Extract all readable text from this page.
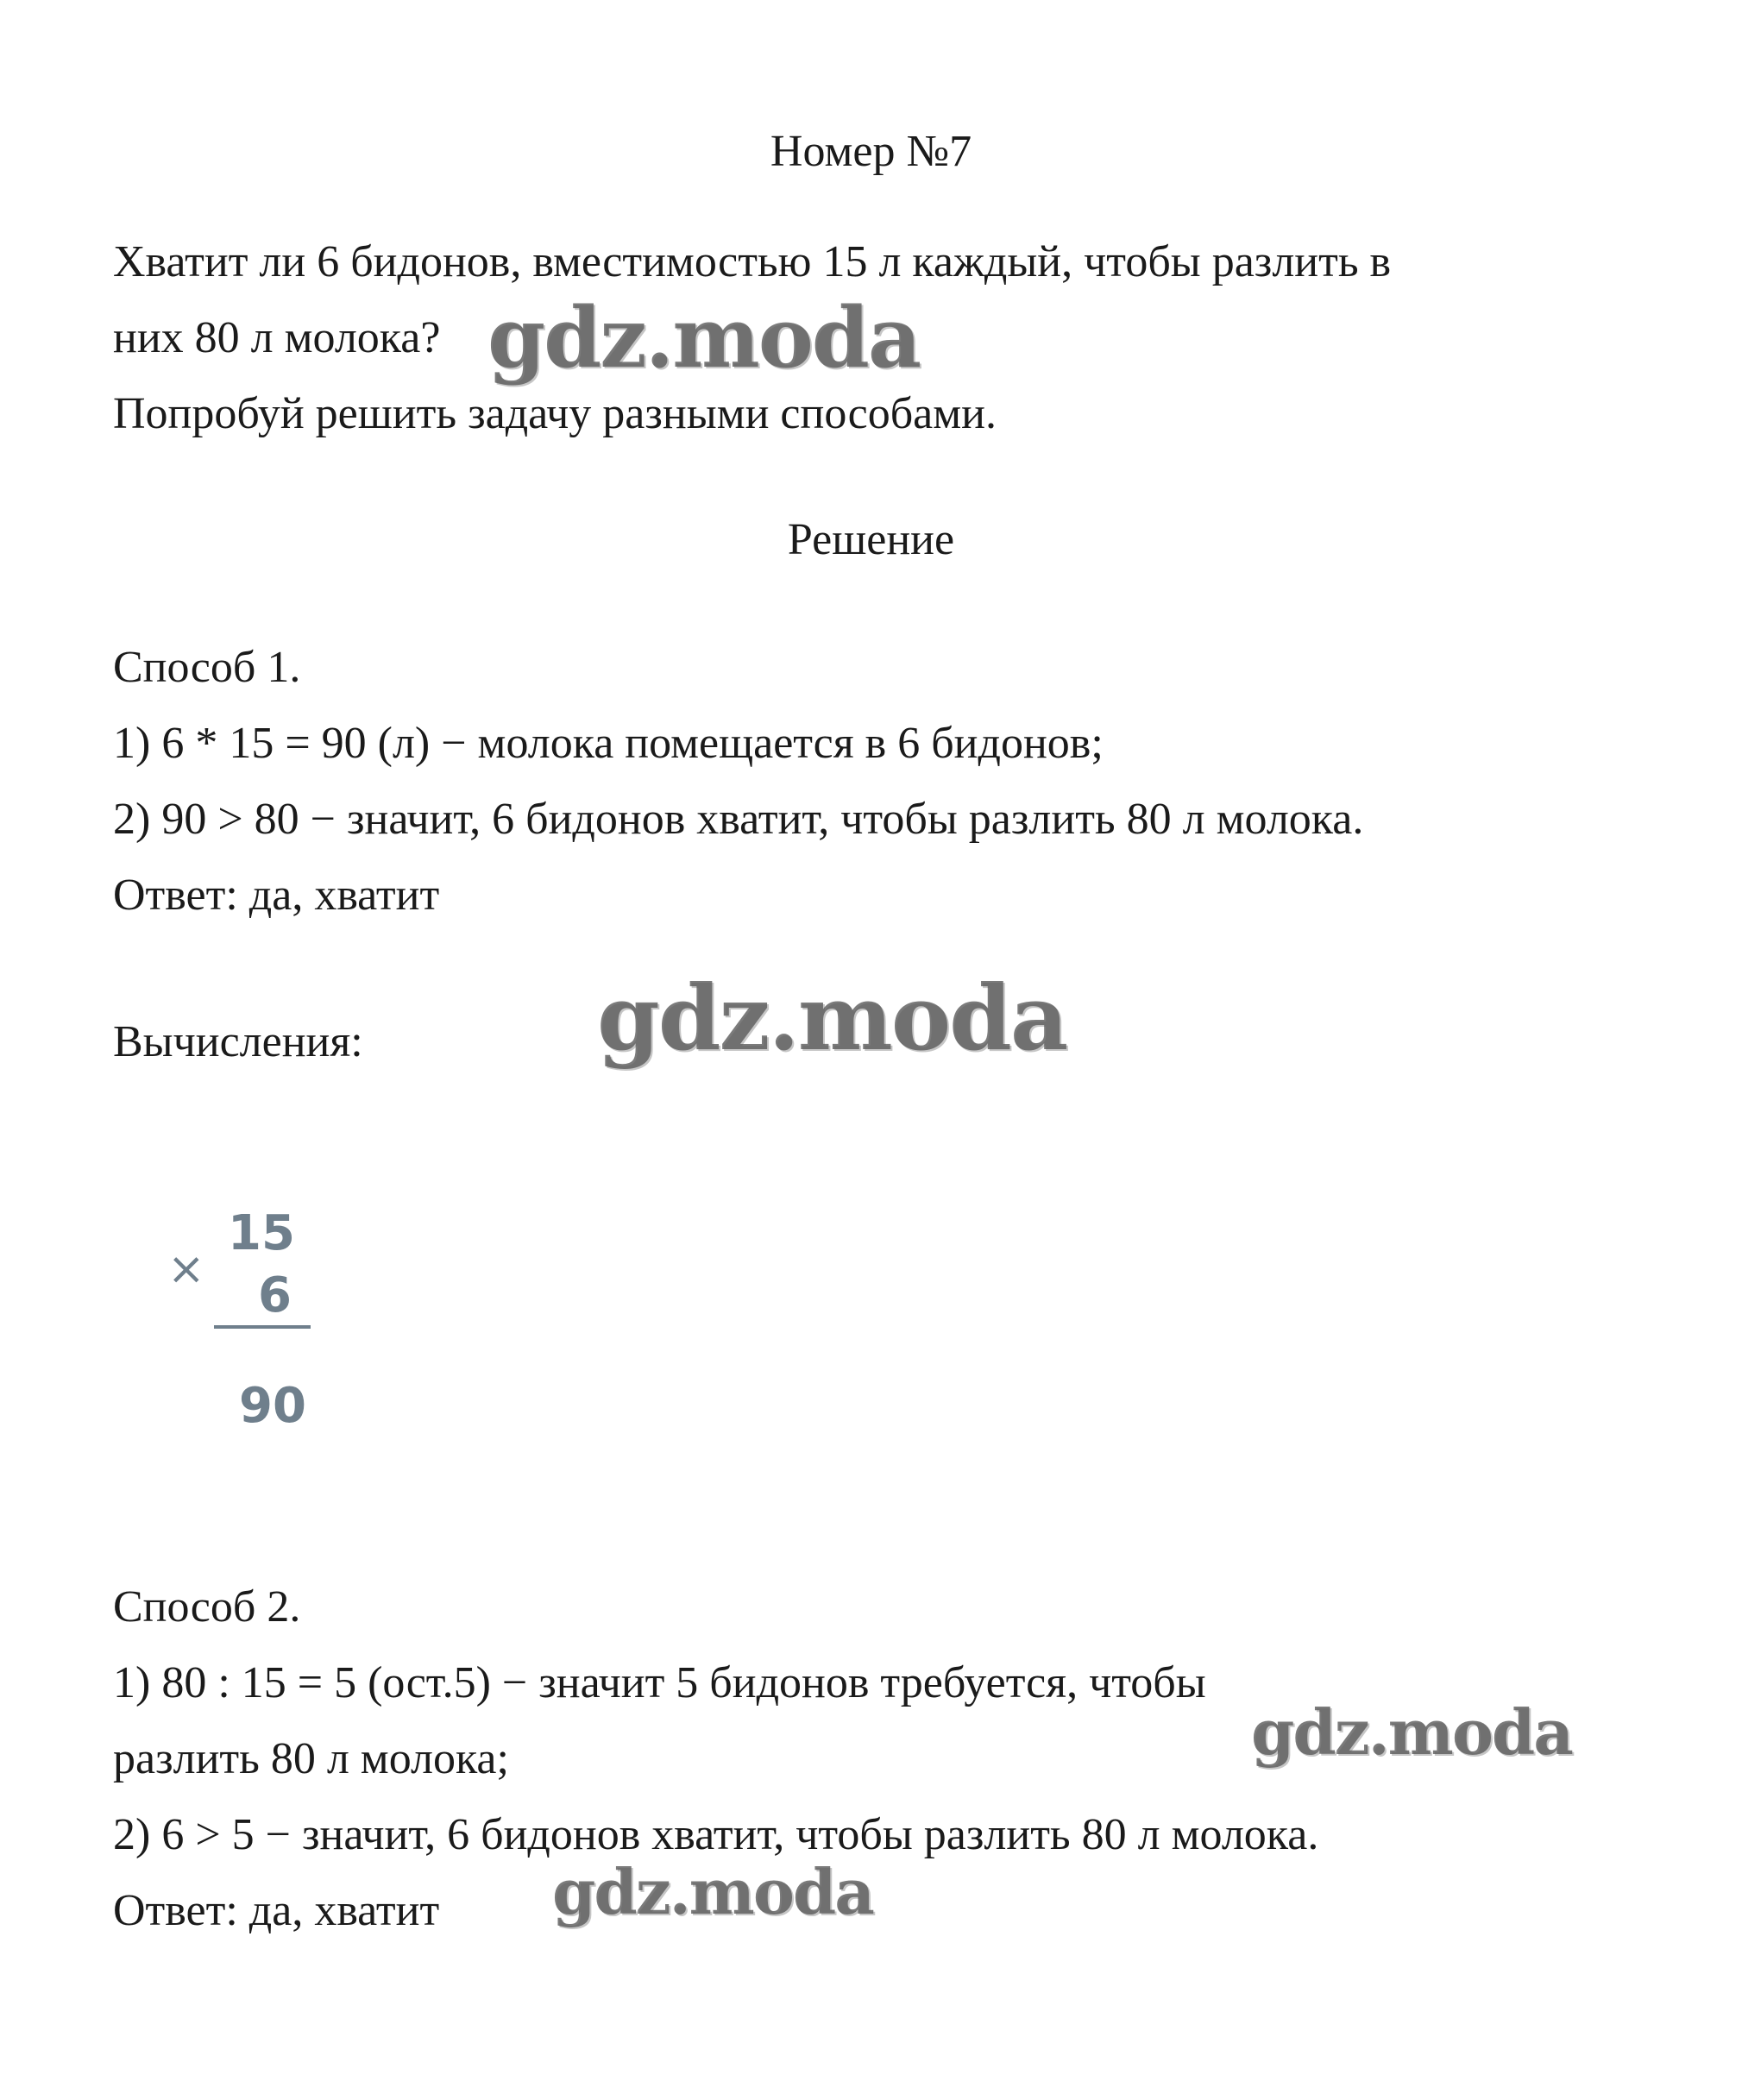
Номер №7
Хватит ли 6 бидонов, вместимостью 15 л каждый, чтобы разлить в
них 80 л молока?
Попробуй решить задачу разными способами.
Решение
Способ 1.
1) 6 * 15 = 90 (л) − молока помещается в 6 бидонов;
2) 90 > 80 − значит, 6 бидонов хватит, чтобы разлить 80 л молока.
Ответ: да, хватит
Вычисления:
×
15
6
90
Способ 2.
1) 80 : 15 = 5 (ост.5) − значит 5 бидонов требуется, чтобы
разлить 80 л молока;
2) 6 > 5 − значит, 6 бидонов хватит, чтобы разлить 80 л молока.
Ответ: да, хватит
gdz.moda
gdz.moda
gdz.moda
gdz.moda
